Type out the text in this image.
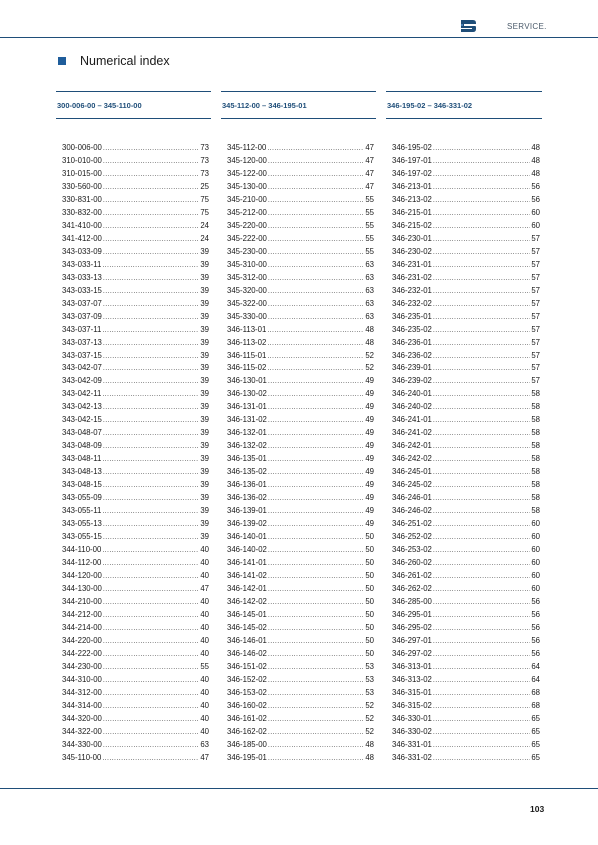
SERVICE.
Numerical index
300-006-00 – 345-110-00	345-112-00 – 346-195-01	346-195-02 – 346-331-02
300-006-00 .....	73
310-010-00 .....	73
310-015-00 .....	73
330-560-00 .....	25
330-831-00 .....	75
330-832-00 .....	75
341-410-00 .....	24
341-412-00 .....	24
343-033-09 .....	39
343-033-11 .....	39
343-033-13 .....	39
343-033-15 .....	39
343-037-07 .....	39
343-037-09 .....	39
343-037-11 .....	39
343-037-13 .....	39
343-037-15 .....	39
343-042-07 .....	39
343-042-09 .....	39
343-042-11 .....	39
343-042-13 .....	39
343-042-15 .....	39
343-048-07 .....	39
343-048-09 .....	39
343-048-11 .....	39
343-048-13 .....	39
343-048-15 .....	39
343-055-09 .....	39
343-055-11 .....	39
343-055-13 .....	39
343-055-15 .....	39
344-110-00 .....	40
344-112-00 .....	40
344-120-00 .....	40
344-130-00 .....	47
344-210-00 .....	40
344-212-00 .....	40
344-214-00 .....	40
344-220-00 .....	40
344-222-00 .....	40
344-230-00 .....	55
344-310-00 .....	40
344-312-00 .....	40
344-314-00 .....	40
344-320-00 .....	40
344-322-00 .....	40
344-330-00 .....	63
345-110-00 .....	47
345-112-00 .....	47
345-120-00 .....	47
345-122-00 .....	47
345-130-00 .....	47
345-210-00 .....	55
345-212-00 .....	55
345-220-00 .....	55
345-222-00 .....	55
345-230-00 .....	55
345-310-00 .....	63
345-312-00 .....	63
345-320-00 .....	63
345-322-00 .....	63
345-330-00 .....	63
346-113-01 .....	48
346-113-02 .....	48
346-115-01 .....	52
346-115-02 .....	52
346-130-01 .....	49
346-130-02 .....	49
346-131-01 .....	49
346-131-02 .....	49
346-132-01 .....	49
346-132-02 .....	49
346-135-01 .....	49
346-135-02 .....	49
346-136-01 .....	49
346-136-02 .....	49
346-139-01 .....	49
346-139-02 .....	49
346-140-01 .....	50
346-140-02 .....	50
346-141-01 .....	50
346-141-02 .....	50
346-142-01 .....	50
346-142-02 .....	50
346-145-01 .....	50
346-145-02 .....	50
346-146-01 .....	50
346-146-02 .....	50
346-151-02 .....	53
346-152-02 .....	53
346-153-02 .....	53
346-160-02 .....	52
346-161-02 .....	52
346-162-02 .....	52
346-185-00 .....	48
346-195-01 .....	48
346-195-02 .....	48
346-197-01 .....	48
346-197-02 .....	48
346-213-01 .....	56
346-213-02 .....	56
346-215-01 .....	60
346-215-02 .....	60
346-230-01 .....	57
346-230-02 .....	57
346-231-01 .....	57
346-231-02 .....	57
346-232-01 .....	57
346-232-02 .....	57
346-235-01 .....	57
346-235-02 .....	57
346-236-01 .....	57
346-236-02 .....	57
346-239-01 .....	57
346-239-02 .....	57
346-240-01 .....	58
346-240-02 .....	58
346-241-01 .....	58
346-241-02 .....	58
346-242-01 .....	58
346-242-02 .....	58
346-245-01 .....	58
346-245-02 .....	58
346-246-01 .....	58
346-246-02 .....	58
346-251-02 .....	60
346-252-02 .....	60
346-253-02 .....	60
346-260-02 .....	60
346-261-02 .....	60
346-262-02 .....	60
346-285-00 .....	56
346-295-01 .....	56
346-295-02 .....	56
346-297-01 .....	56
346-297-02 .....	56
346-313-01 .....	64
346-313-02 .....	64
346-315-01 .....	68
346-315-02 .....	68
346-330-01 .....	65
346-330-02 .....	65
346-331-01 .....	65
346-331-02 .....	65
103
